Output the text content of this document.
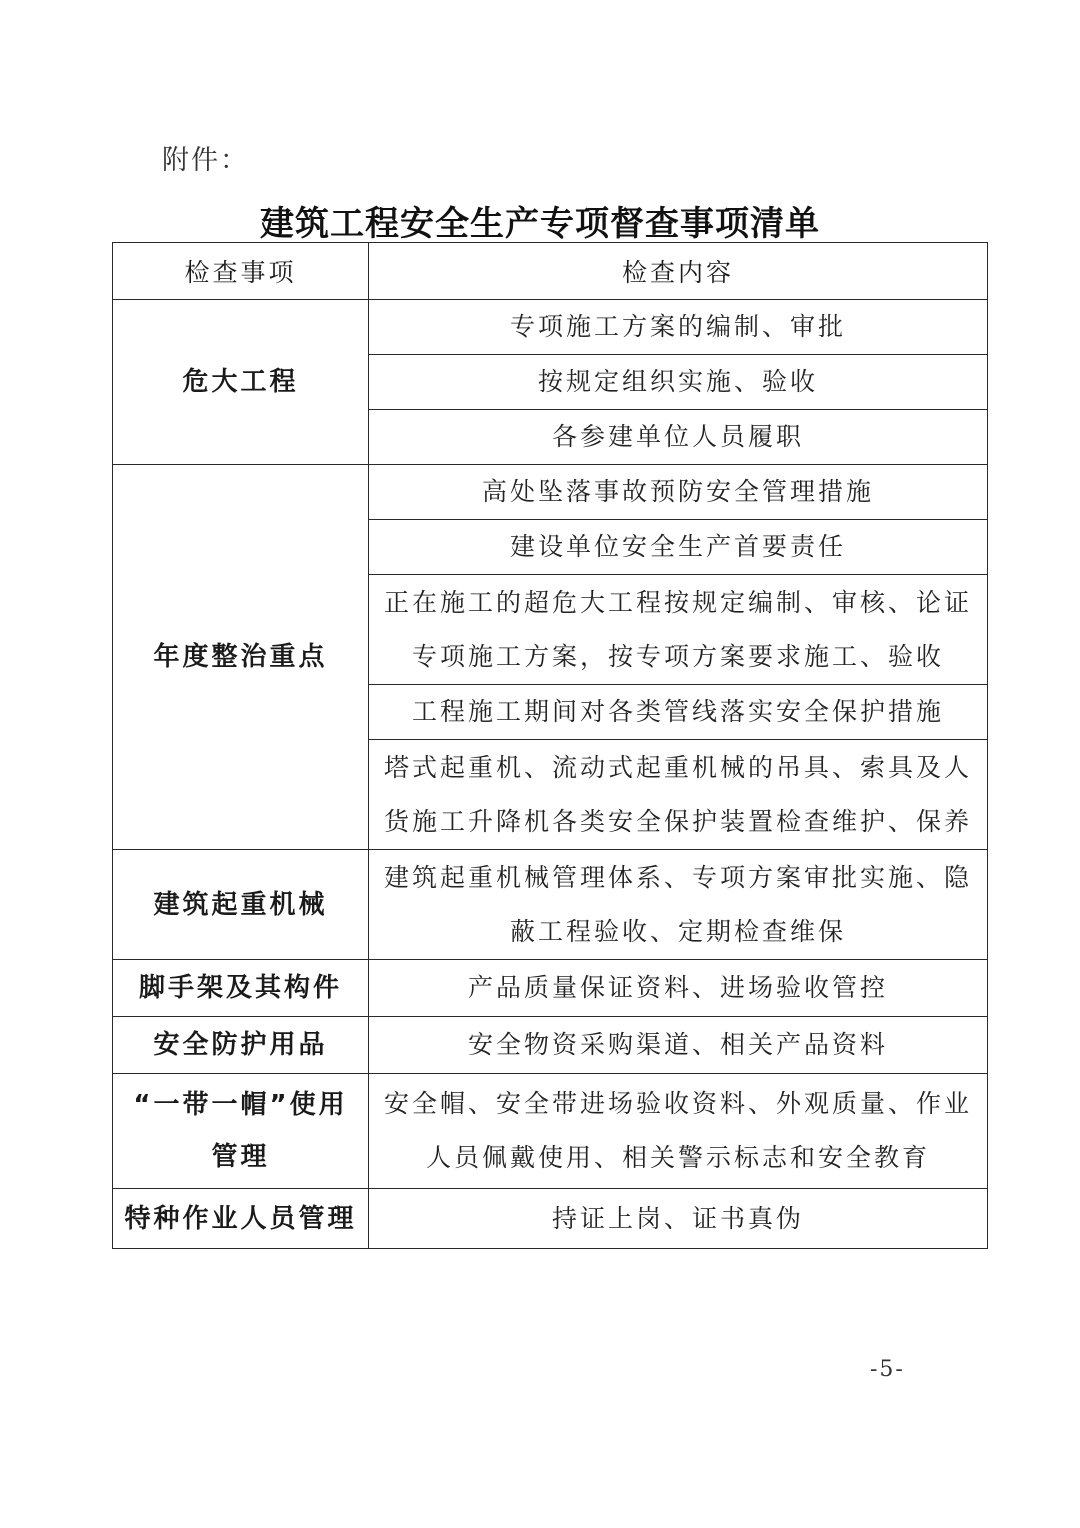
附件：
建筑工程安全生产专项督查事项清单
检查事项	检查内容
危大工程	专项施工方案的编制、审批
	按规定组织实施、验收
	各参建单位人员履职
年度整治重点	高处坠落事故预防安全管理措施
	建设单位安全生产首要责任
	正在施工的超危大工程按规定编制、审核、论证专项施工方案，按专项方案要求施工、验收
	工程施工期间对各类管线落实安全保护措施
	塔式起重机、流动式起重机械的吊具、索具及人货施工升降机各类安全保护装置检查维护、保养
建筑起重机械	建筑起重机械管理体系、专项方案审批实施、隐蔽工程验收、定期检查维保
脚手架及其构件	产品质量保证资料、进场验收管控
安全防护用品	安全物资采购渠道、相关产品资料
“一带一帽”使用管理	安全帽、安全带进场验收资料、外观质量、作业人员佩戴使用、相关警示标志和安全教育
特种作业人员管理	持证上岗、证书真伪
-5-
